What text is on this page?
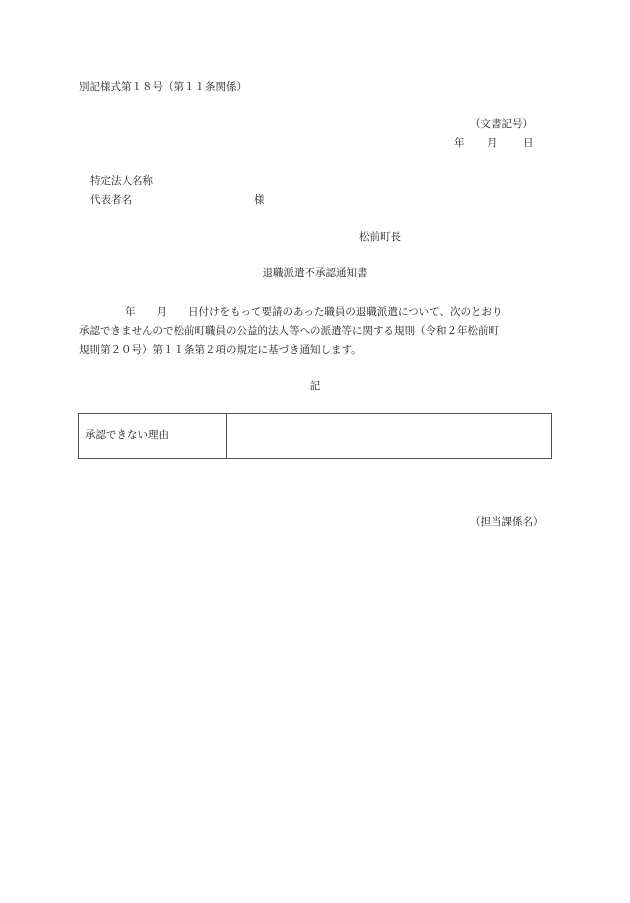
別記様式第１８号（第１１条関係）
（文書記号）
年 月 日
特定法人名称
代表者名	様
松前町長
退職派遣不承認通知書
年 月 日付けをもって要請のあった職員の退職派遣について、次のとおり
承認できませんので松前町職員の公益的法人等への派遣等に関する規則（令和２年松前町
規則第２０号）第１１条第２項の規定に基づき通知します。
記
承認できない理由	
（担当課係名）
